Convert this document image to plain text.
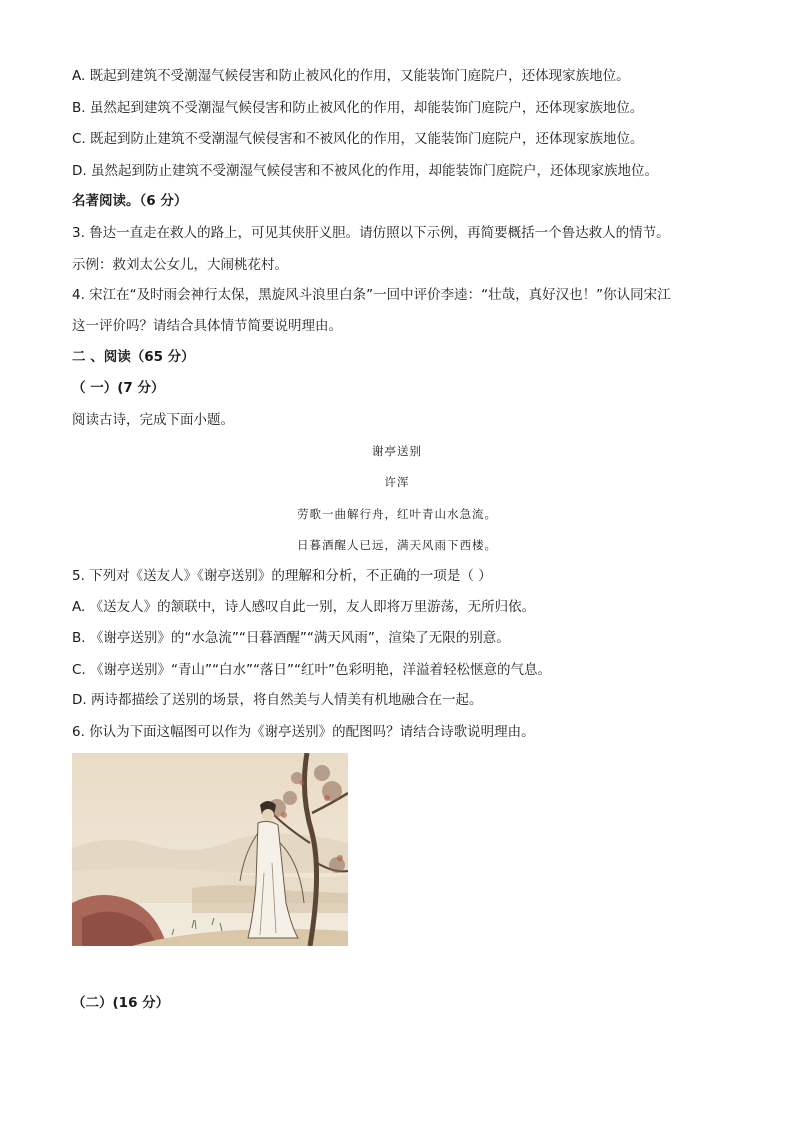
A. 既起到建筑不受潮湿气候侵害和防止被风化的作用，又能装饰门庭院户，还体现家族地位。
B. 虽然起到建筑不受潮湿气候侵害和防止被风化的作用，却能装饰门庭院户，还体现家族地位。
C. 既起到防止建筑不受潮湿气候侵害和不被风化的作用，又能装饰门庭院户，还体现家族地位。
D. 虽然起到防止建筑不受潮湿气候侵害和不被风化的作用，却能装饰门庭院户，还体现家族地位。
名著阅读。（6 分）
3. 鲁达一直走在救人的路上，可见其侠肝义胆。请仿照以下示例，再简要概括一个鲁达救人的情节。
示例：救刘太公女儿，大闹桃花村。
4. 宋江在“及时雨会神行太保，黑旋风斗浪里白条”一回中评价李逵：“壮哉，真好汉也！”你认同宋江
这一评价吗？请结合具体情节简要说明理由。
二 、阅读（65 分）
（ 一）(7 分）
阅读古诗，完成下面小题。
谢亭送别
许浑
劳歌一曲解行舟，红叶青山水急流。
日暮酒醒人已远，满天风雨下西楼。
5. 下列对《送友人》《谢亭送别》的理解和分析，不正确的一项是（ ）
A. 《送友人》的颔联中，诗人感叹自此一别，友人即将万里游荡，无所归依。
B. 《谢亭送别》的“水急流”“日暮酒醒”“满天风雨”，渲染了无限的别意。
C. 《谢亭送别》“青山”“白水”“落日”“红叶”色彩明艳，洋溢着轻松惬意的气息。
D. 两诗都描绘了送别的场景，将自然美与人情美有机地融合在一起。
6. 你认为下面这幅图可以作为《谢亭送别》的配图吗？请结合诗歌说明理由。
（二）(16 分）
